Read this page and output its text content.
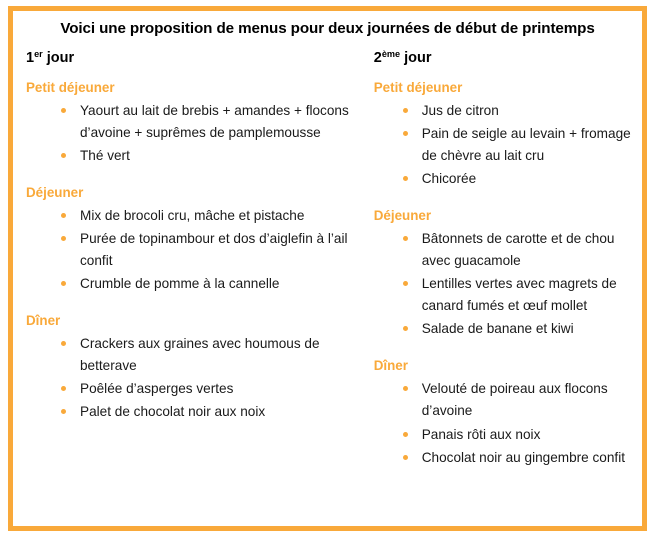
Voici une proposition de menus pour deux journées de début de printemps
1er jour	2ème jour
Petit déjeuner
Yaourt au lait de brebis + amandes + flocons d’avoine + suprêmes de pamplemousse
Thé vert
Déjeuner
Mix de brocoli cru, mâche et pistache
Purée de topinambour et dos d’aiglefin à l’ail confit
Crumble de pomme à la cannelle
Dîner
Crackers aux graines avec houmous de betterave
Poêlée d’asperges vertes
Palet de chocolat noir aux noix
Petit déjeuner
Jus de citron
Pain de seigle au levain + fromage de chèvre au lait cru
Chicorée
Déjeuner
Bâtonnets de carotte et de chou avec guacamole
Lentilles vertes avec magrets de canard fumés et œuf mollet
Salade de banane et kiwi
Dîner
Velouté de poireau aux flocons d’avoine
Panais rôti aux noix
Chocolat noir au gingembre confit
